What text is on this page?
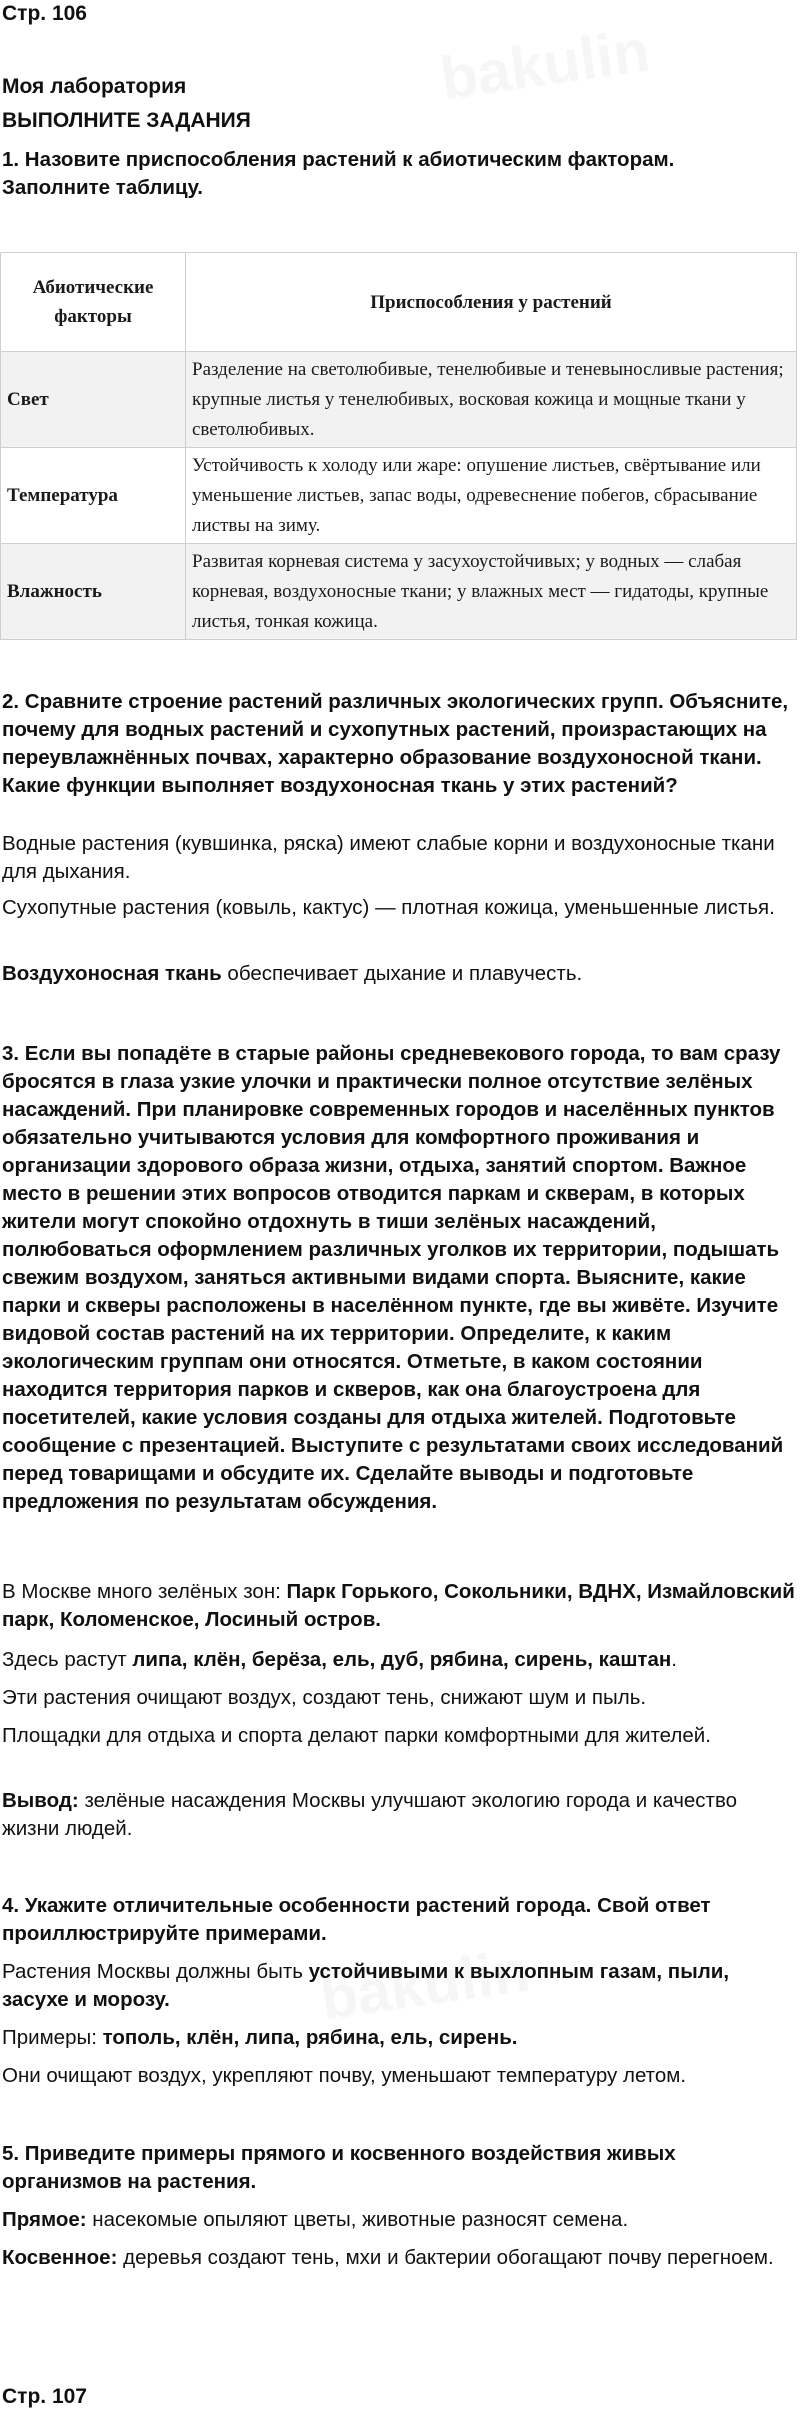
Стр. 106
Моя лаборатория
ВЫПОЛНИТЕ ЗАДАНИЯ
1. Назовите приспособления растений к абиотическим факторам. Заполните таблицу.
Абиотические факторы	Приспособления у растений
Свет	Разделение на светолюбивые, тенелюбивые и теневыносливые растения; крупные листья у тенелюбивых, восковая кожица и мощные ткани у светолюбивых.
Температура	Устойчивость к холоду или жаре: опушение листьев, свёртывание или уменьшение листьев, запас воды, одревеснение побегов, сбрасывание листвы на зиму.
Влажность	Развитая корневая система у засухоустойчивых; у водных — слабая корневая, воздухоносные ткани; у влажных мест — гидатоды, крупные листья, тонкая кожица.
2. Сравните строение растений различных экологических групп. Объясните, почему для водных растений и сухопутных растений, произрастающих на переувлажнённых почвах, характерно образование воздухоносной ткани. Какие функции выполняет воздухоносная ткань у этих растений?
Водные растения (кувшинка, ряска) имеют слабые корни и воздухоносные ткани для дыхания.
Сухопутные растения (ковыль, кактус) — плотная кожица, уменьшенные листья.
Воздухоносная ткань обеспечивает дыхание и плавучесть.
3. Если вы попадёте в старые районы средневекового города, то вам сразу бросятся в глаза узкие улочки и практически полное отсутствие зелёных насаждений. При планировке современных городов и населённых пунктов обязательно учитываются условия для комфортного проживания и организации здорового образа жизни, отдыха, занятий спортом. Важное место в решении этих вопросов отводится паркам и скверам, в которых жители могут спокойно отдохнуть в тиши зелёных насаждений, полюбоваться оформлением различных уголков их территории, подышать свежим воздухом, заняться активными видами спорта. Выясните, какие парки и скверы расположены в населённом пункте, где вы живёте. Изучите видовой состав растений на их территории. Определите, к каким экологическим группам они относятся. Отметьте, в каком состоянии находится территория парков и скверов, как она благоустроена для посетителей, какие условия созданы для отдыха жителей. Подготовьте сообщение с презентацией. Выступите с результатами своих исследований перед товарищами и обсудите их. Сделайте выводы и подготовьте предложения по результатам обсуждения.
В Москве много зелёных зон: Парк Горького, Сокольники, ВДНХ, Измайловский парк, Коломенское, Лосиный остров.
Здесь растут липа, клён, берёза, ель, дуб, рябина, сирень, каштан.
Эти растения очищают воздух, создают тень, снижают шум и пыль.
Площадки для отдыха и спорта делают парки комфортными для жителей.
Вывод: зелёные насаждения Москвы улучшают экологию города и качество жизни людей.
4. Укажите отличительные особенности растений города. Свой ответ проиллюстрируйте примерами.
Растения Москвы должны быть устойчивыми к выхлопным газам, пыли, засухе и морозу.
Примеры: тополь, клён, липа, рябина, ель, сирень.
Они очищают воздух, укрепляют почву, уменьшают температуру летом.
5. Приведите примеры прямого и косвенного воздействия живых организмов на растения.
Прямое: насекомые опыляют цветы, животные разносят семена.
Косвенное: деревья создают тень, мхи и бактерии обогащают почву перегноем.
Стр. 107
